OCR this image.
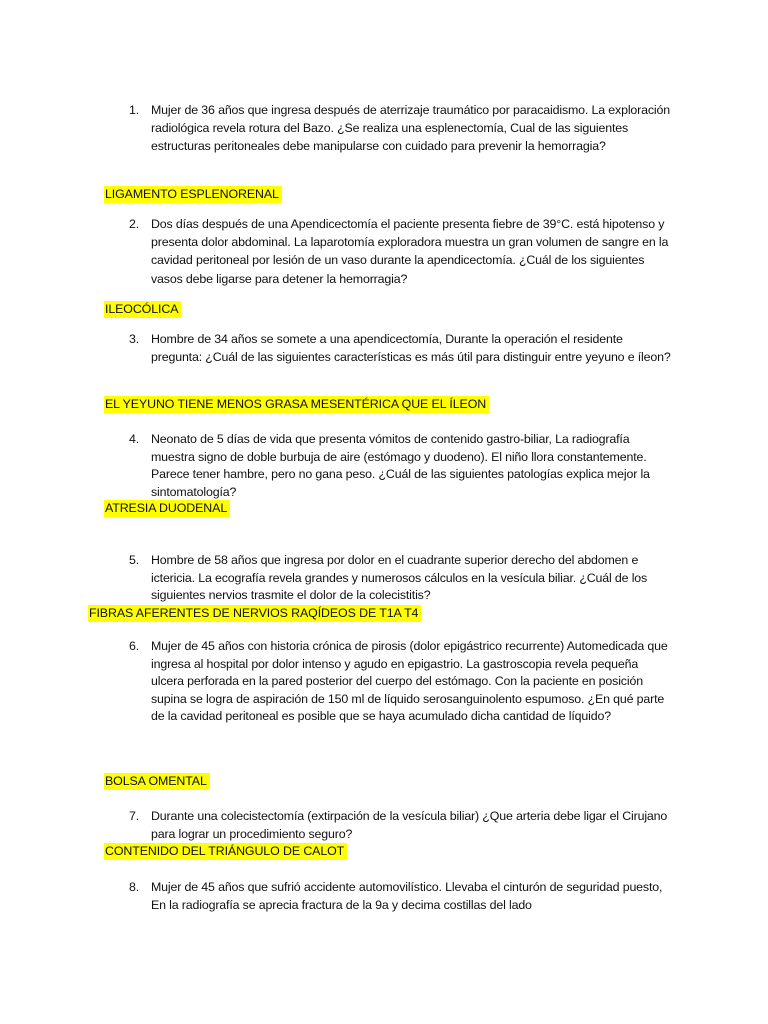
1. Mujer de 36 años que ingresa después de aterrizaje traumático por paracaidismo. La exploración radiológica revela rotura del Bazo. ¿Se realiza una esplenectomía, Cual de las siguientes estructuras peritoneales debe manipularse con cuidado para prevenir la hemorragia?
LIGAMENTO ESPLENORENAL
2. Dos días después de una Apendicectomía el paciente presenta fiebre de 39°C. está hipotenso y presenta dolor abdominal. La laparotomía exploradora muestra un gran volumen de sangre en la cavidad peritoneal por lesión de un vaso durante la apendicectomía. ¿Cuál de los siguientes vasos debe ligarse para detener la hemorragia?
ILEOCÓLICA
3. Hombre de 34 años se somete a una apendicectomía, Durante la operación el residente pregunta: ¿Cuál de las siguientes características es más útil para distinguir entre yeyuno e íleon?
EL YEYUNO TIENE MENOS GRASA MESENTÉRICA QUE EL ÍLEON
4. Neonato de 5 días de vida que presenta vómitos de contenido gastro-biliar, La radiografía muestra signo de doble burbuja de aire (estómago y duodeno). El niño llora constantemente. Parece tener hambre, pero no gana peso. ¿Cuál de las siguientes patologías explica mejor la sintomatología?
ATRESIA DUODENAL
5. Hombre de 58 años que ingresa por dolor en el cuadrante superior derecho del abdomen e ictericia. La ecografía revela grandes y numerosos cálculos en la vesícula biliar. ¿Cuál de los siguientes nervios trasmite el dolor de la colecistitis?
FIBRAS AFERENTES DE NERVIOS RAQÍDEOS DE T1A T4
6. Mujer de 45 años con historia crónica de pirosis (dolor epigástrico recurrente) Automedicada que ingresa al hospital por dolor intenso y agudo en epigastrio. La gastroscopia revela pequeña ulcera perforada en la pared posterior del cuerpo del estómago. Con la paciente en posición supina se logra de aspiración de 150 ml de líquido serosanguinolento espumoso. ¿En qué parte de la cavidad peritoneal es posible que se haya acumulado dicha cantidad de líquido?
BOLSA OMENTAL
7. Durante una colecistectomía (extirpación de la vesícula biliar) ¿Que arteria debe ligar el Cirujano para lograr un procedimiento seguro?
CONTENIDO DEL TRIÁNGULO DE CALOT
8. Mujer de 45 años que sufrió accidente automovilístico. Llevaba el cinturón de seguridad puesto, En la radiografía se aprecia fractura de la 9a y decima costillas del lado
